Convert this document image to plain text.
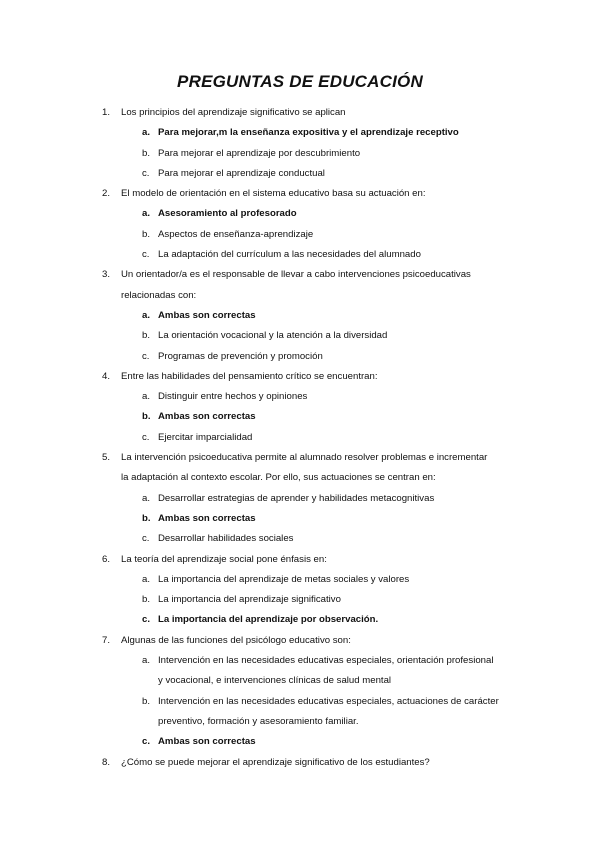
PREGUNTAS DE EDUCACIÓN
1.	Los principios del aprendizaje significativo se aplican
a. Para mejorar,m la enseñanza expositiva y el aprendizaje receptivo
b. Para mejorar el aprendizaje por descubrimiento
c. Para mejorar el aprendizaje conductual
2.	El modelo de orientación en el sistema educativo basa su actuación en:
a. Asesoramiento al profesorado
b. Aspectos de enseñanza-aprendizaje
c. La adaptación del currículum a las necesidades del alumnado
3.	Un orientador/a es el responsable de llevar a cabo intervenciones psicoeducativas
relacionadas con:
a. Ambas son correctas
b. La orientación vocacional y la atención a la diversidad
c. Programas de prevención y promoción
4.	Entre las habilidades del pensamiento crítico se encuentran:
a. Distinguir entre hechos y opiniones
b. Ambas son correctas
c. Ejercitar imparcialidad
5.	La intervención psicoeducativa permite al alumnado resolver problemas e incrementar
la adaptación al contexto escolar. Por ello, sus actuaciones se centran en:
a. Desarrollar estrategias de aprender y habilidades metacognitivas
b. Ambas son correctas
c. Desarrollar habilidades sociales
6.	La teoría del aprendizaje social pone énfasis en:
a. La importancia del aprendizaje de metas sociales y valores
b. La importancia del aprendizaje significativo
c. La importancia del aprendizaje por observación.
7.	Algunas de las funciones del psicólogo educativo son:
a. Intervención en las necesidades educativas especiales, orientación profesional
y vocacional, e intervenciones clínicas de salud mental
b. Intervención en las necesidades educativas especiales, actuaciones de carácter
preventivo, formación y asesoramiento familiar.
c. Ambas son correctas
8.	¿Cómo se puede mejorar el aprendizaje significativo de los estudiantes?
